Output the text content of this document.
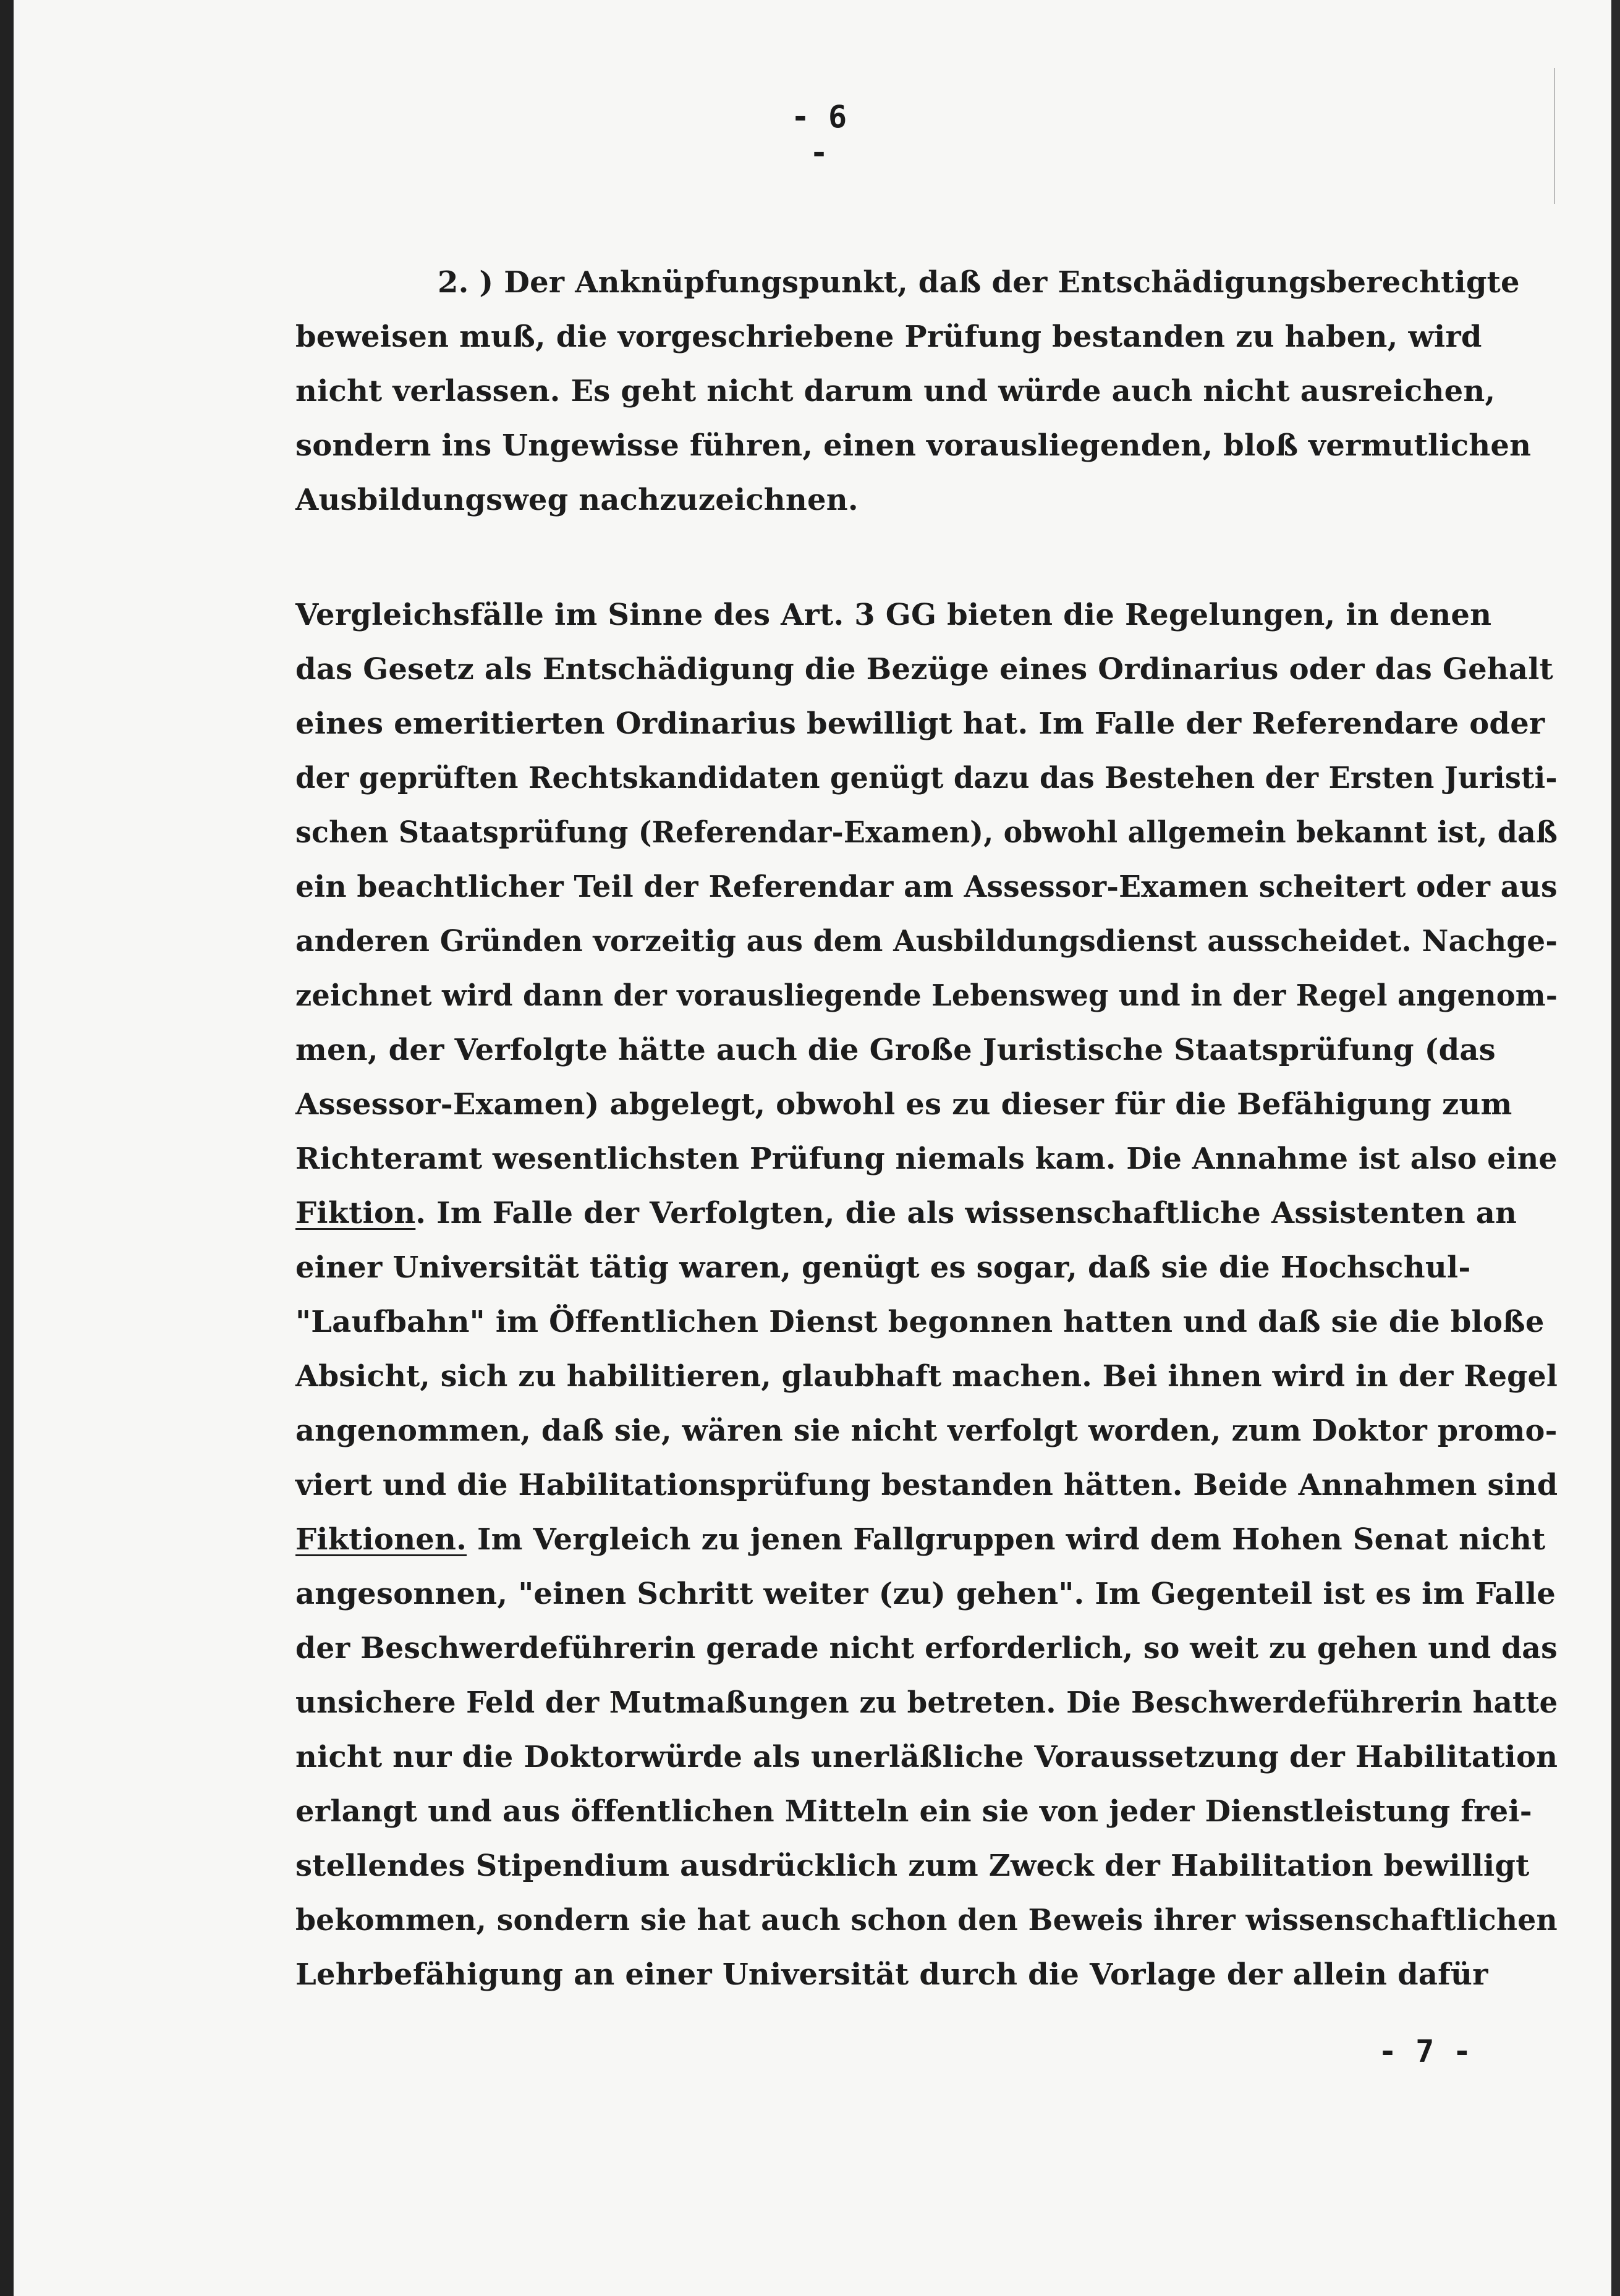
- 6 -
2. ) Der Anknüpfungspunkt, daß der Entschädigungsberechtigte
beweisen muß, die vorgeschriebene Prüfung bestanden zu haben, wird
nicht verlassen. Es geht nicht darum und würde auch nicht ausreichen,
sondern ins Ungewisse führen, einen vorausliegenden, bloß vermutlichen
Ausbildungsweg nachzuzeichnen.
Vergleichsfälle im Sinne des Art. 3 GG bieten die Regelungen, in denen
das Gesetz als Entschädigung die Bezüge eines Ordinarius oder das Gehalt
eines emeritierten Ordinarius bewilligt hat. Im Falle der Referendare oder
der geprüften Rechtskandidaten genügt dazu das Bestehen der Ersten Juristi-
schen Staatsprüfung (Referendar-Examen), obwohl allgemein bekannt ist, daß
ein beachtlicher Teil der Referendar am Assessor-Examen scheitert oder aus
anderen Gründen vorzeitig aus dem Ausbildungsdienst ausscheidet. Nachge-
zeichnet wird dann der vorausliegende Lebensweg und in der Regel angenom-
men, der Verfolgte hätte auch die Große Juristische Staatsprüfung (das
Assessor-Examen) abgelegt, obwohl es zu dieser für die Befähigung zum
Richteramt wesentlichsten Prüfung niemals kam. Die Annahme ist also eine
Fiktion. Im Falle der Verfolgten, die als wissenschaftliche Assistenten an
einer Universität tätig waren, genügt es sogar, daß sie die Hochschul-
"Laufbahn" im Öffentlichen Dienst begonnen hatten und daß sie die bloße
Absicht, sich zu habilitieren, glaubhaft machen. Bei ihnen wird in der Regel
angenommen, daß sie, wären sie nicht verfolgt worden, zum Doktor promo-
viert und die Habilitationsprüfung bestanden hätten. Beide Annahmen sind
Fiktionen. Im Vergleich zu jenen Fallgruppen wird dem Hohen Senat nicht
angesonnen, "einen Schritt weiter (zu) gehen". Im Gegenteil ist es im Falle
der Beschwerdeführerin gerade nicht erforderlich, so weit zu gehen und das
unsichere Feld der Mutmaßungen zu betreten. Die Beschwerdeführerin hatte
nicht nur die Doktorwürde als unerläßliche Voraussetzung der Habilitation
erlangt und aus öffentlichen Mitteln ein sie von jeder Dienstleistung frei-
stellendes Stipendium ausdrücklich zum Zweck der Habilitation bewilligt
bekommen, sondern sie hat auch schon den Beweis ihrer wissenschaftlichen
Lehrbefähigung an einer Universität durch die Vorlage der allein dafür
- 7 -
